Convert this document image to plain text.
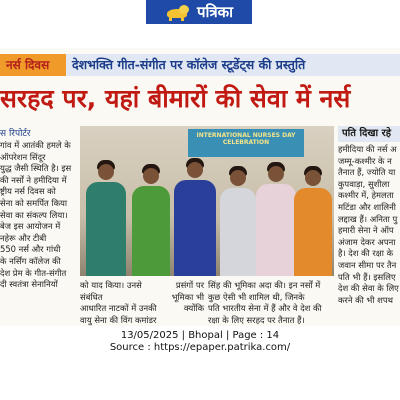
पत्रिका
नर्स दिवस	देशभक्ति गीत-संगीत पर कॉलेज स्टूडेंट्स की प्रस्तुति
सरहद पर, यहां बीमारों की सेवा में नर्स
स रिपोर्टर
गांव में आतंकी हमले के
ऑपरेशन सिंदूर
युद्ध जैसी स्थिति है। इस
की नर्सों ने हमीदिया में
ष्ट्रीय नर्स दिवस को
सेना को समर्पित किया
सेवा का संकल्प लिया।
बेज इस आयोजन में
नहेरू और टीबी
550 नर्स और गांधी
के नर्सिंग कॉलेज की
देश प्रेम के गीत-संगीत
दी स्वतंत्रा सेनानियों
INTERNATIONAL NURSES DAY CELEBRATION
को याद किया। उनसे संबंधित
आधारित नाटकों में उनकी
वायु सेना की विंग कमांडर
प्रसंगों पर
भूमिका भी
क्योंकि
सिंह की भूमिका अदा की। इन नर्सों में
कुछ ऐसी भी शामिल थी, जिनके
पति भारतीय सेना में हैं और वे देश की
रक्षा के लिए सरहद पर तैनात हैं।
पति दिखा रहे
हमीदिया की नर्स अ
जम्मू-कश्मीर के न
तैनात हैं, ज्योति या
कुपवाड़ा, सुशीला
कश्मीर में, हेमलता
मटिंडा और शालिनी
लद्दाख हैं। अनिता पु
हमारी सेना ने ऑप
अंजाम देकर अपना
है। देश की रक्षा के
जवान सीमा पर तैन
पति भी हैं। इसलिए
देश की सेवा के लिए
करने की भी शपथ
13/05/2025 | Bhopal | Page : 14
Source : https://epaper.patrika.com/
